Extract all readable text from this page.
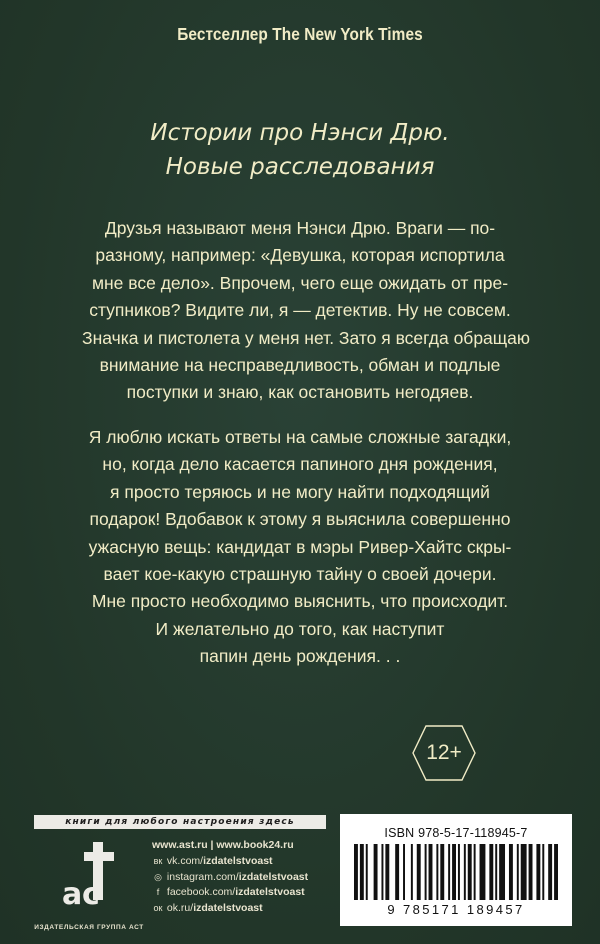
Бестселлер The New York Times
Истории про Нэнси Дрю.
Новые расследования
Друзья называют меня Нэнси Дрю. Враги — по-
разному, например: «Девушка, которая испортила
мне все дело». Впрочем, чего еще ожидать от пре-
ступников? Видите ли, я — детектив. Ну не совсем.
Значка и пистолета у меня нет. Зато я всегда обращаю
внимание на несправедливость, обман и подлые
поступки и знаю, как остановить негодяев.
Я люблю искать ответы на самые сложные загадки,
но, когда дело касается папиного дня рождения,
я просто теряюсь и не могу найти подходящий
подарок! Вдобавок к этому я выяснила совершенно
ужасную вещь: кандидат в мэры Ривер-Хайтс скры-
вает кое-какую страшную тайну о своей дочери.
Мне просто необходимо выяснить, что происходит.
И желательно до того, как наступит
папин день рождения. . .
12+
книги для любого настроения здесь
а с
ИЗДАТЕЛЬСКАЯ ГРУППА АСТ
www.ast.ru | www.book24.ru
вк vk.com/izdatelstvoast
◎ instagram.com/izdatelstvoast
f facebook.com/izdatelstvoast
ок ok.ru/izdatelstvoast
ISBN 978-5-17-118945-7
9 785171 189457
